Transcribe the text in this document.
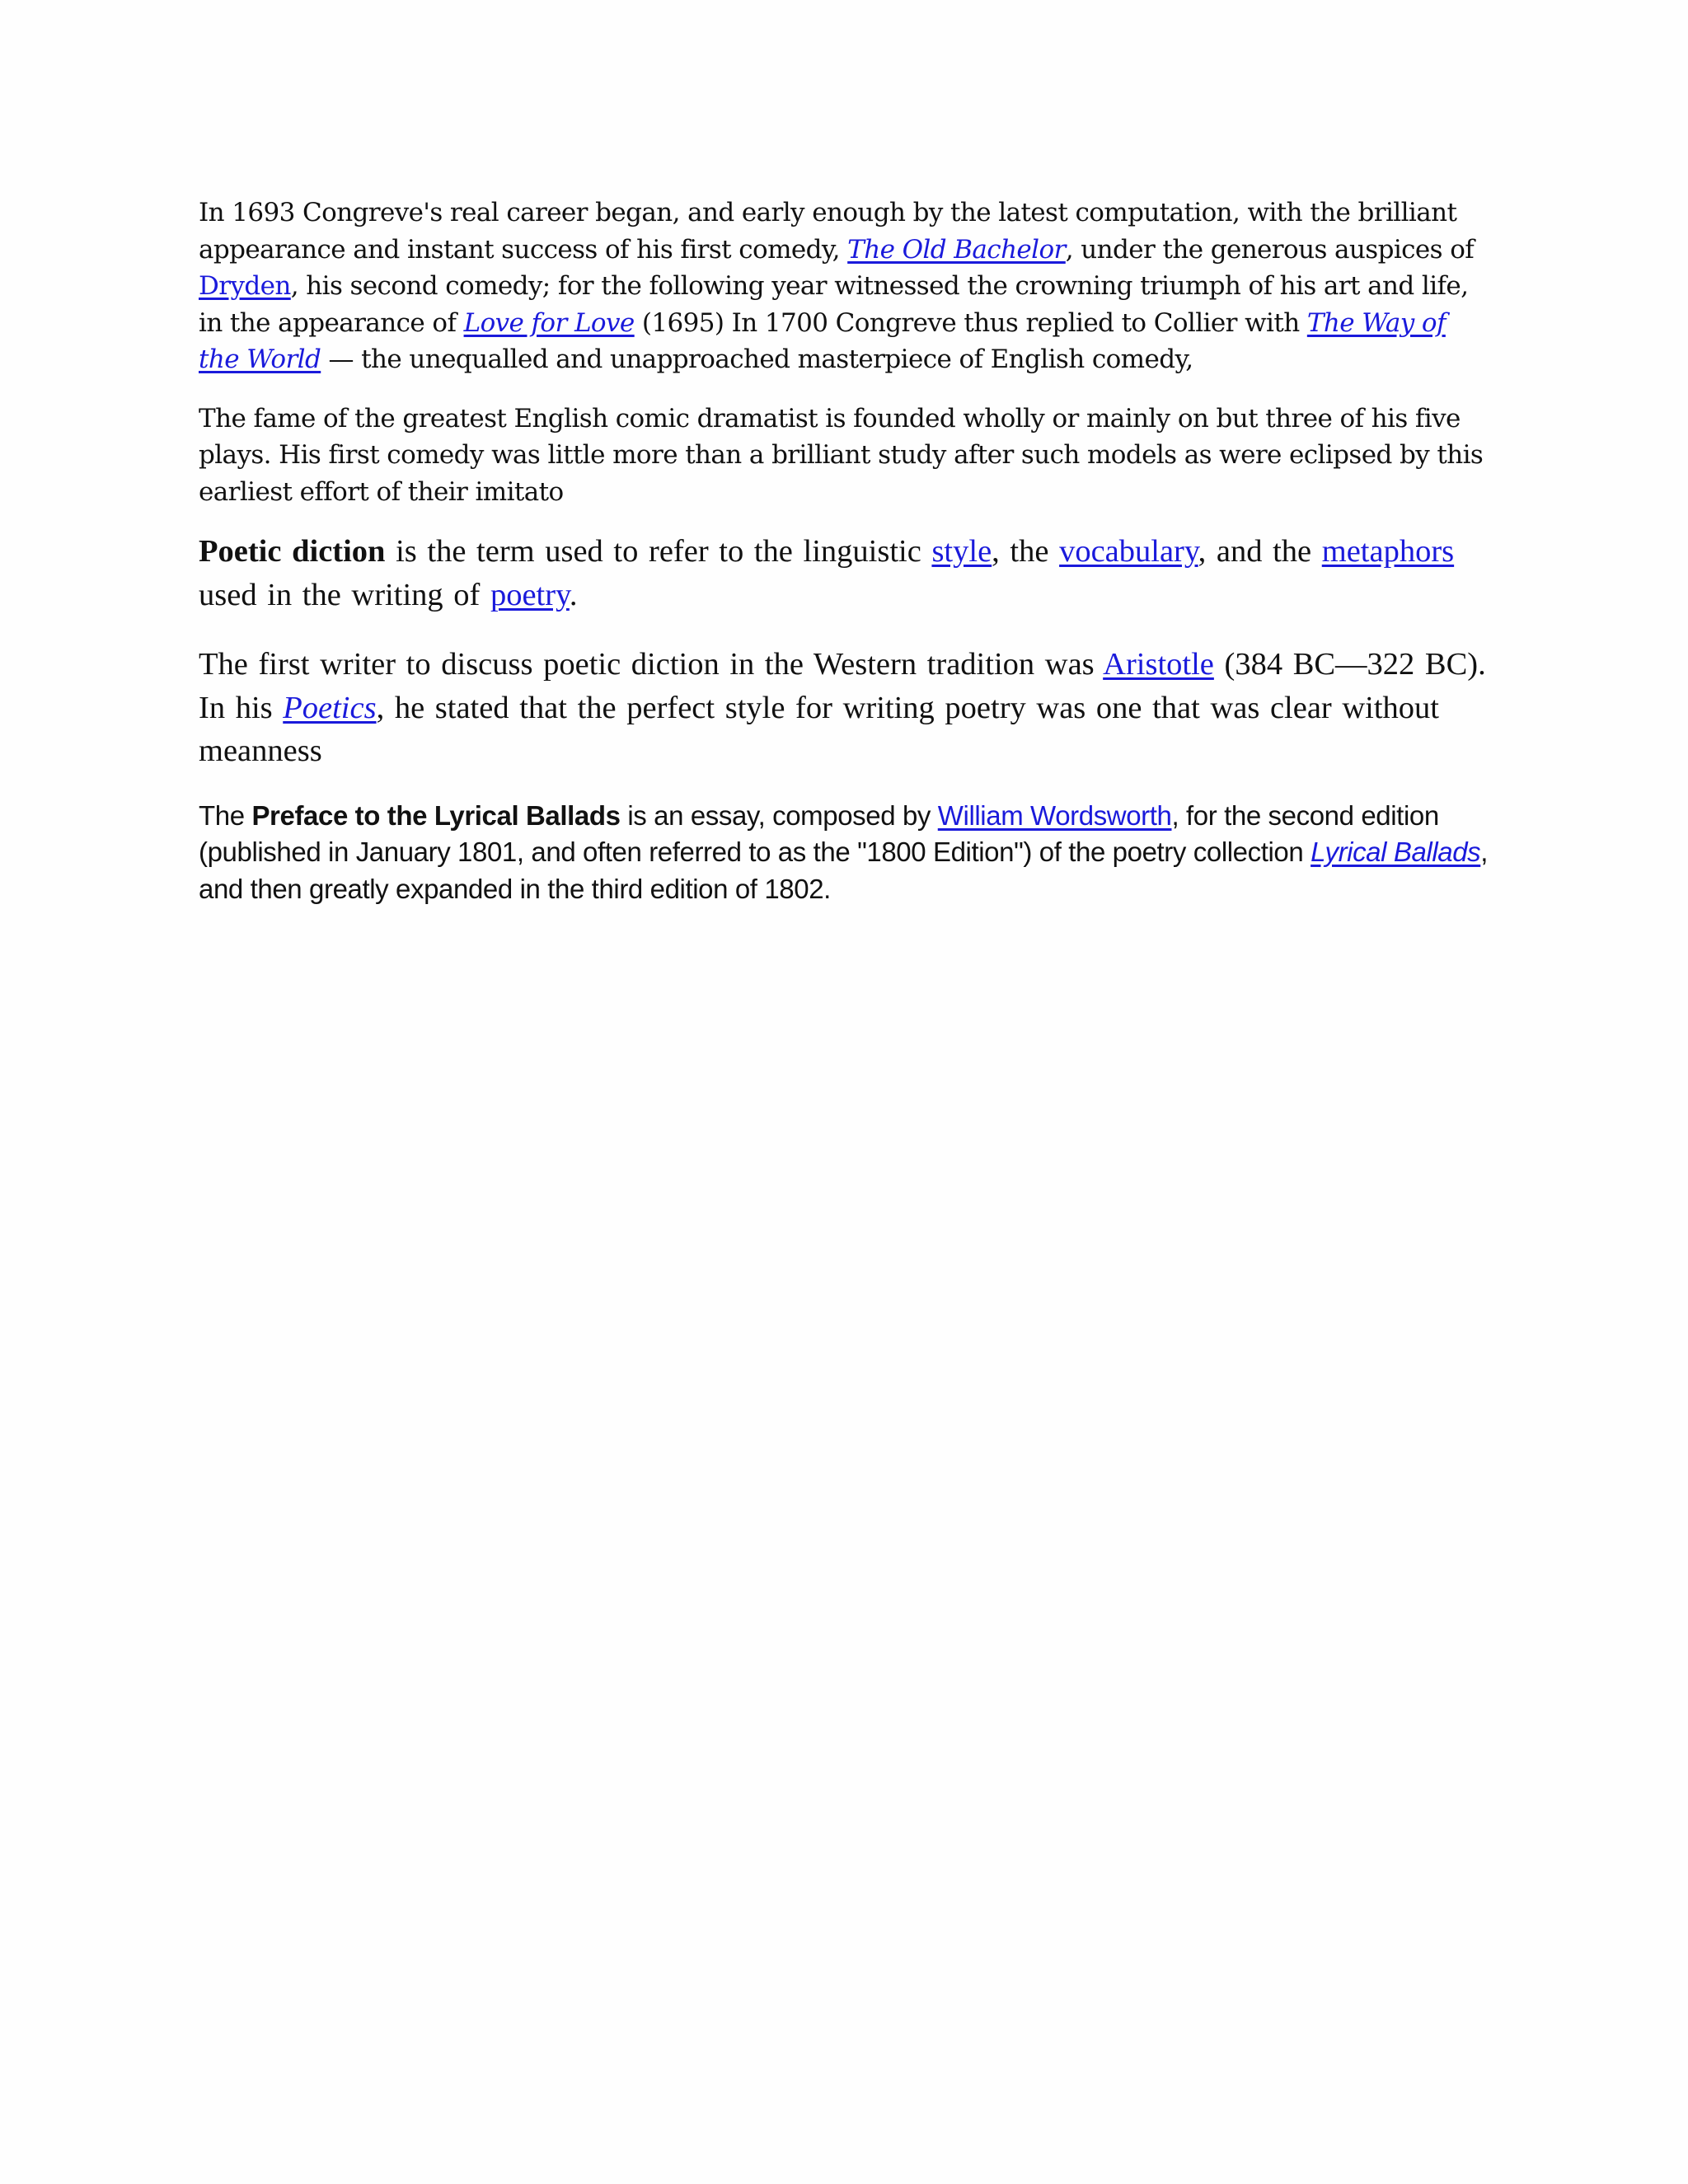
In 1693 Congreve's real career began, and early enough by the latest computation, with the brilliant appearance and instant success of his first comedy, The Old Bachelor, under the generous auspices of Dryden, his second comedy; for the following year witnessed the crowning triumph of his art and life, in the appearance of Love for Love (1695) In 1700 Congreve thus replied to Collier with The Way of the World — the unequalled and unapproached masterpiece of English comedy,

The fame of the greatest English comic dramatist is founded wholly or mainly on but three of his five plays. His first comedy was little more than a brilliant study after such models as were eclipsed by this earliest effort of their imitato

Poetic diction is the term used to refer to the linguistic style, the vocabulary, and the metaphors used in the writing of poetry.

The first writer to discuss poetic diction in the Western tradition was Aristotle (384 BC—322 BC). In his Poetics, he stated that the perfect style for writing poetry was one that was clear without meanness

The Preface to the Lyrical Ballads is an essay, composed by William Wordsworth, for the second edition (published in January 1801, and often referred to as the "1800 Edition") of the poetry collection Lyrical Ballads, and then greatly expanded in the third edition of 1802.
